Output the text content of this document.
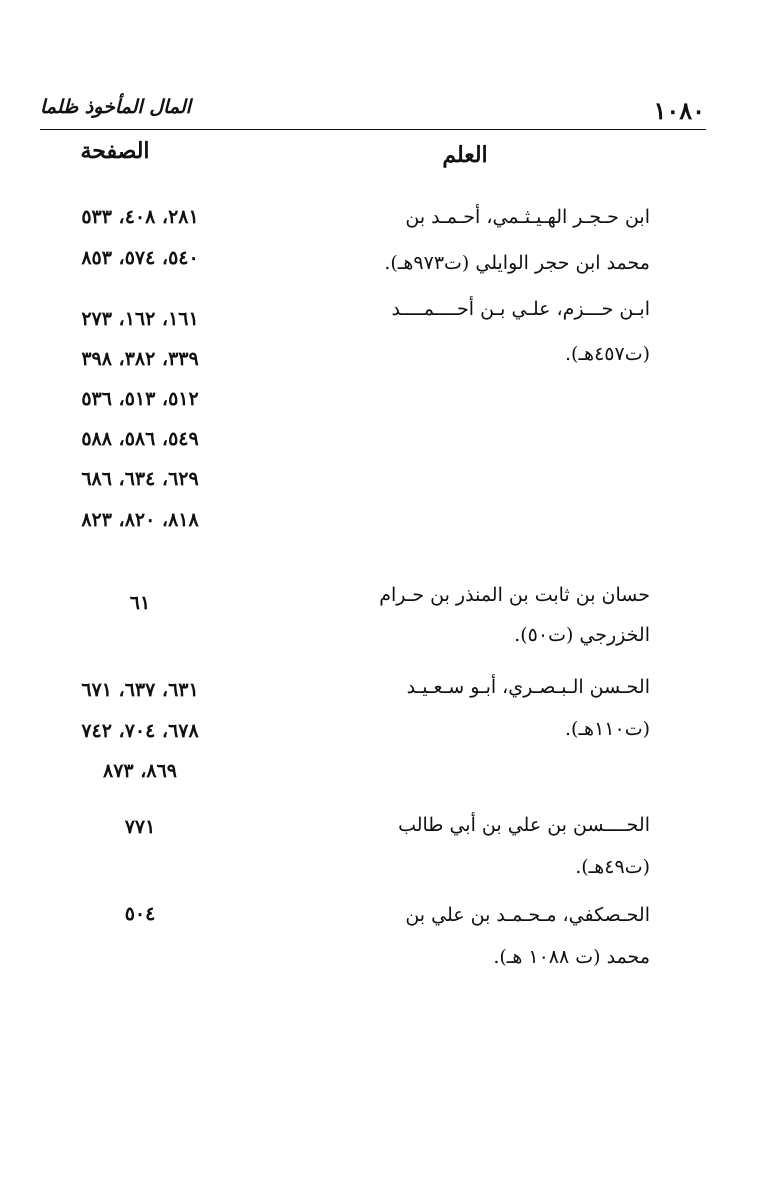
١٠٨٠
المال المأخوذ ظلما
الصفحة	العلم
ابن حـجـر الهـيـثـمي، أحـمـد بن
محمد ابن حجر الوايلي (ت٩٧٣هـ).
٢٨١، ٤٠٨، ٥٣٣
٥٤٠، ٥٧٤، ٨٥٣
ابـن حـــزم، علـي بـن أحــــمــــد
(ت٤٥٧هـ).
١٦١، ١٦٢، ٢٧٣
٣٣٩، ٣٨٢، ٣٩٨
٥١٢، ٥١٣، ٥٣٦
٥٤٩، ٥٨٦، ٥٨٨
٦٢٩، ٦٣٤، ٦٨٦
٨١٨، ٨٢٠، ٨٢٣
حسان بن ثابت بن المنذر بن حـرام
الخزرجي (ت٥٠).
٦١
الحـسن الـبـصـري، أبـو سـعـيـد
(ت١١٠هـ).
٦٣١، ٦٣٧، ٦٧١
٦٧٨، ٧٠٤، ٧٤٢
٨٦٩، ٨٧٣
الحــــسن بن علي بن أبي طالب
(ت٤٩هـ).
٧٧١
الحـصكفي، مـحـمـد بن علي بن
محمد (ت ١٠٨٨ هـ).
٥٠٤
